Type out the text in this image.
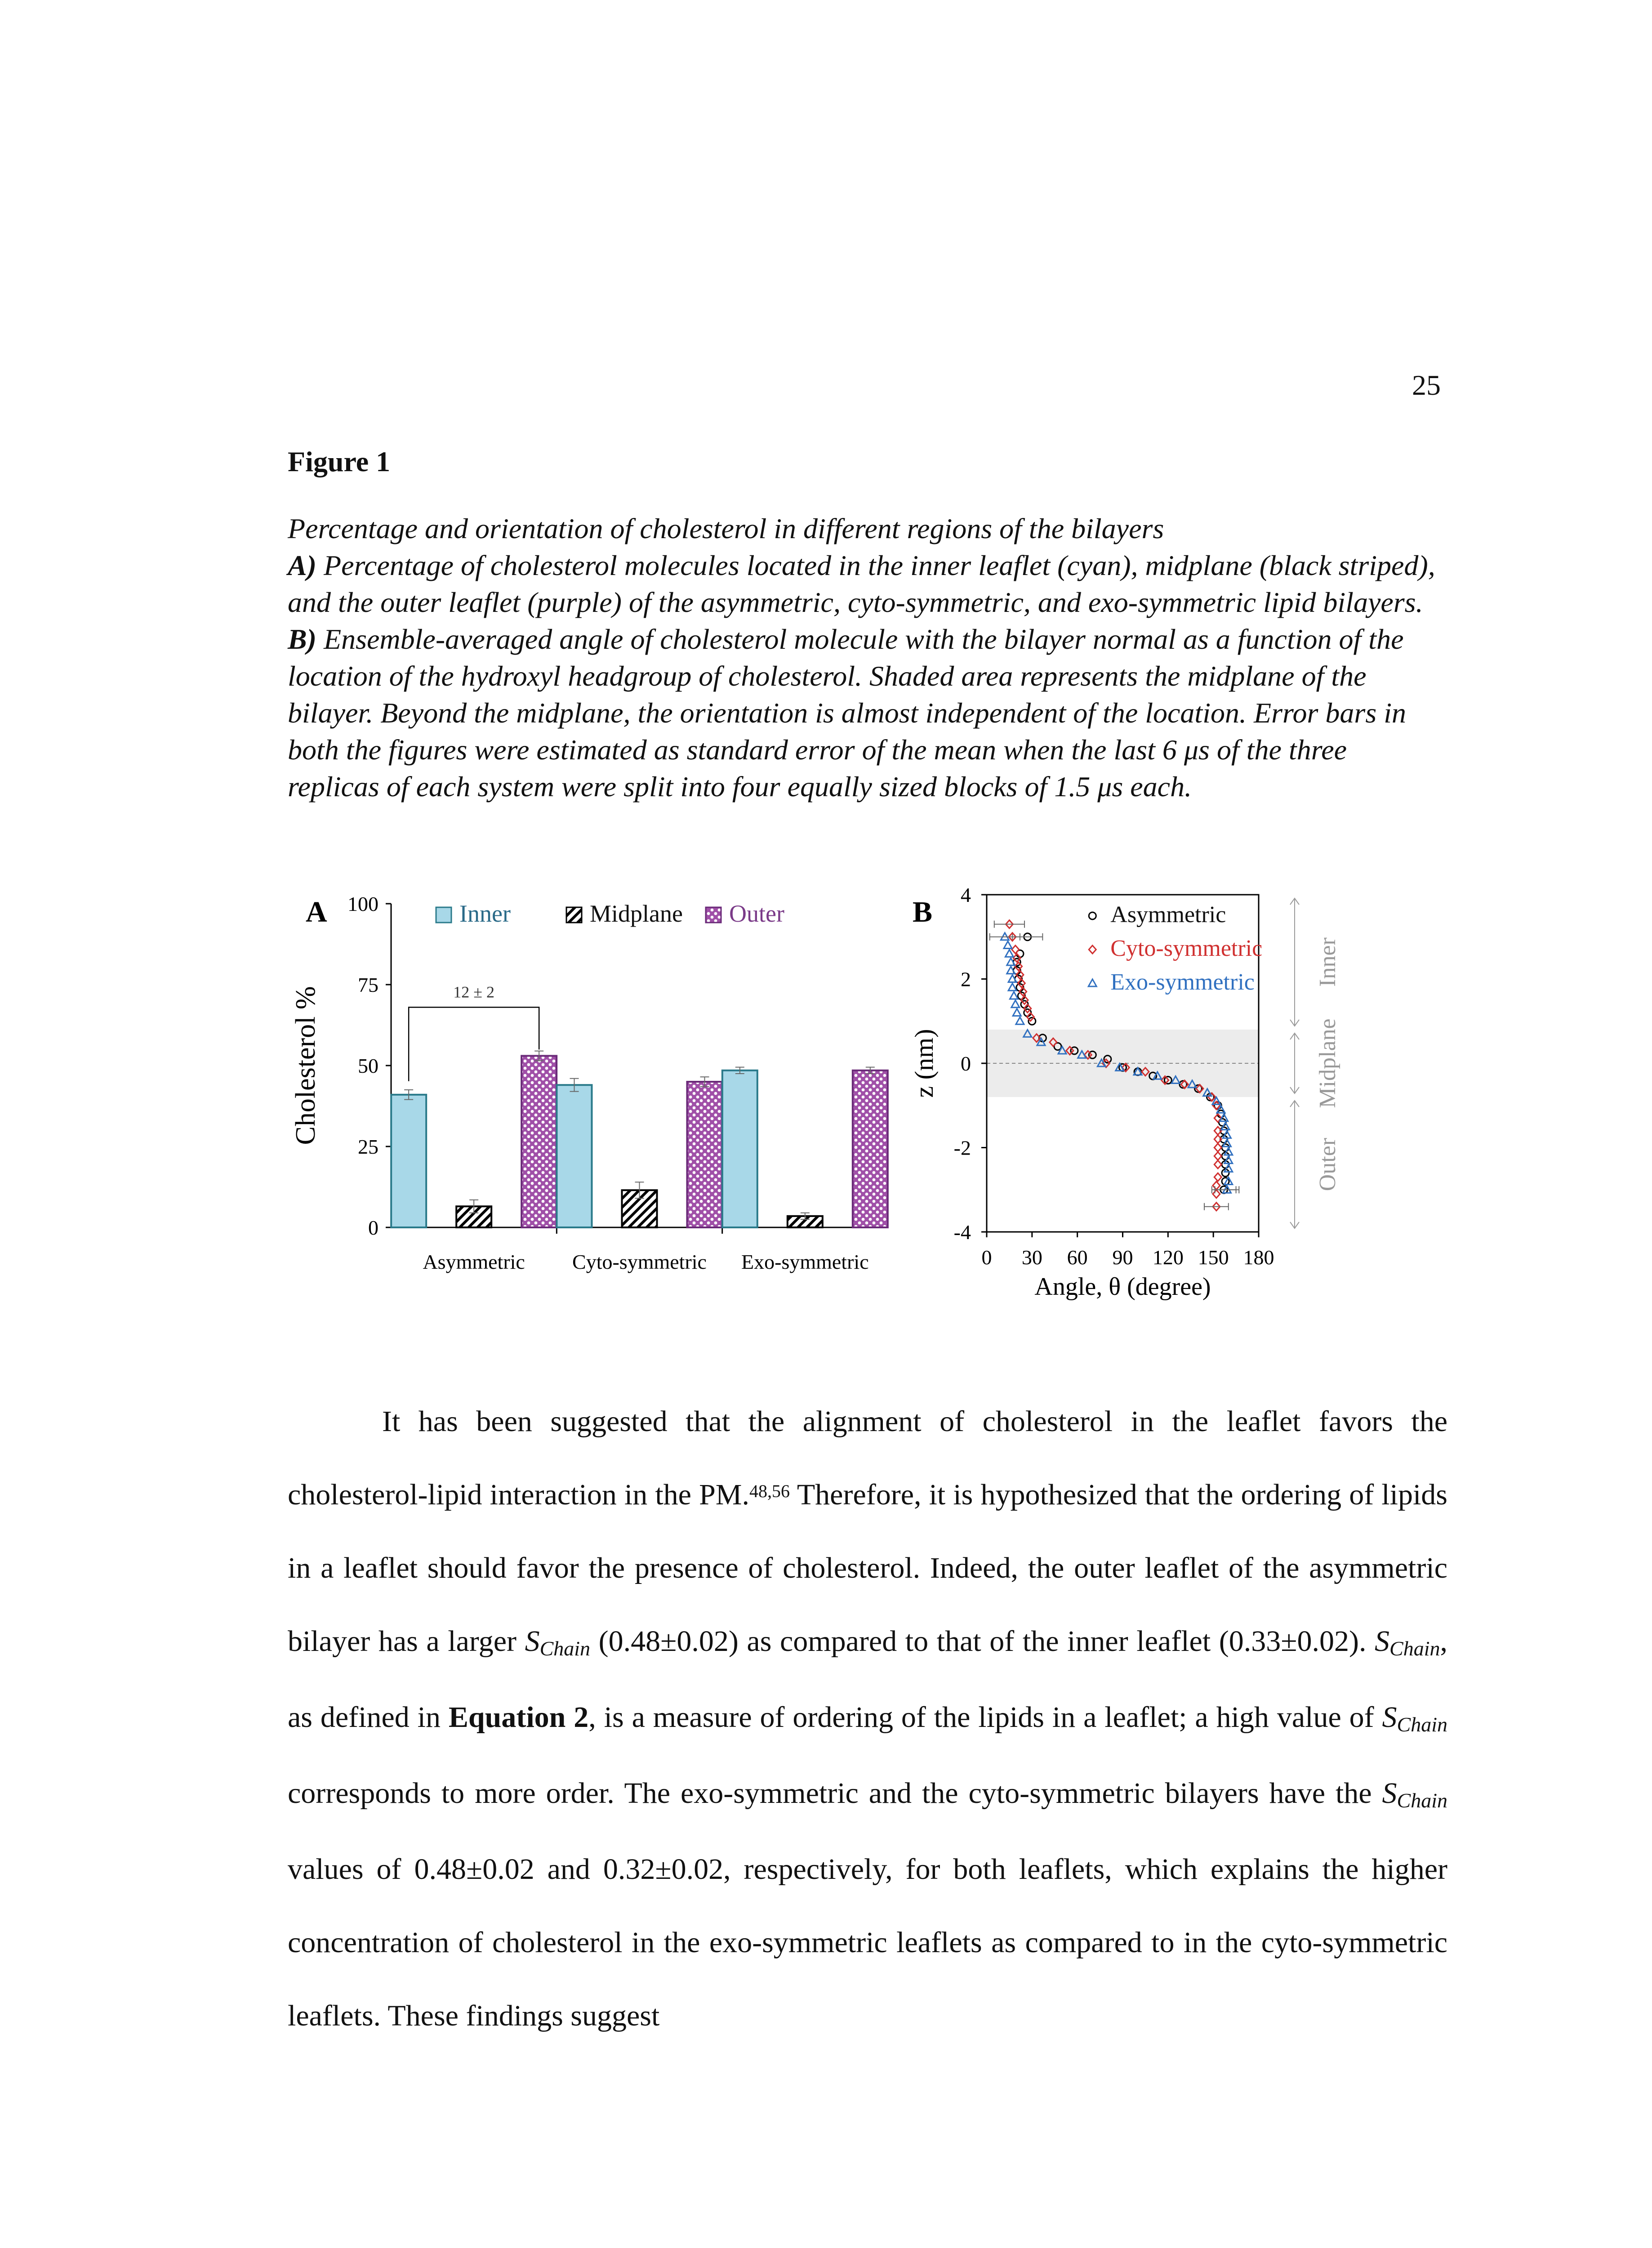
25
Figure 1
Percentage and orientation of cholesterol in different regions of the bilayers
A) Percentage of cholesterol molecules located in the inner leaflet (cyan), midplane (black striped), and the outer leaflet (purple) of the asymmetric, cyto-symmetric, and exo-symmetric lipid bilayers. B) Ensemble-averaged angle of cholesterol molecule with the bilayer normal as a function of the location of the hydroxyl headgroup of cholesterol. Shaded area represents the midplane of the bilayer. Beyond the midplane, the orientation is almost independent of the location. Error bars in both the figures were estimated as standard error of the mean when the last 6 μs of the three replicas of each system were split into four equally sized blocks of 1.5 μs each.
A
0
25
50
75
100
Cholesterol %
Asymmetric Cyto-symmetric Exo-symmetric
12 ± 2
Inner	Midplane Outer	B
-4
-2
0
2
4
0 30 60 90 120 150 180
Angle, θ (degree)
z (nm)
Asymmetric
Cyto-symmetric
Exo-symmetric	Inner
Midplane
Outer

It has been suggested that the alignment of cholesterol in the leaflet favors the cholesterol-lipid interaction in the PM.$^{48,56}$ Therefore, it is hypothesized that the ordering of lipids in a leaflet should favor the presence of cholesterol. Indeed, the outer leaflet of the asymmetric bilayer has a larger SChain (0.48±0.02) as compared to that of the inner leaflet (0.33±0.02). SChain, as defined in Equation 2, is a measure of ordering of the lipids in a leaflet; a high value of SChain corresponds to more order. The exo-symmetric and the cyto-symmetric bilayers have the SChain values of 0.48±0.02 and 0.32±0.02, respectively, for both leaflets, which explains the higher concentration of cholesterol in the exo-symmetric leaflets as compared to in the cyto-symmetric leaflets. These findings suggest
